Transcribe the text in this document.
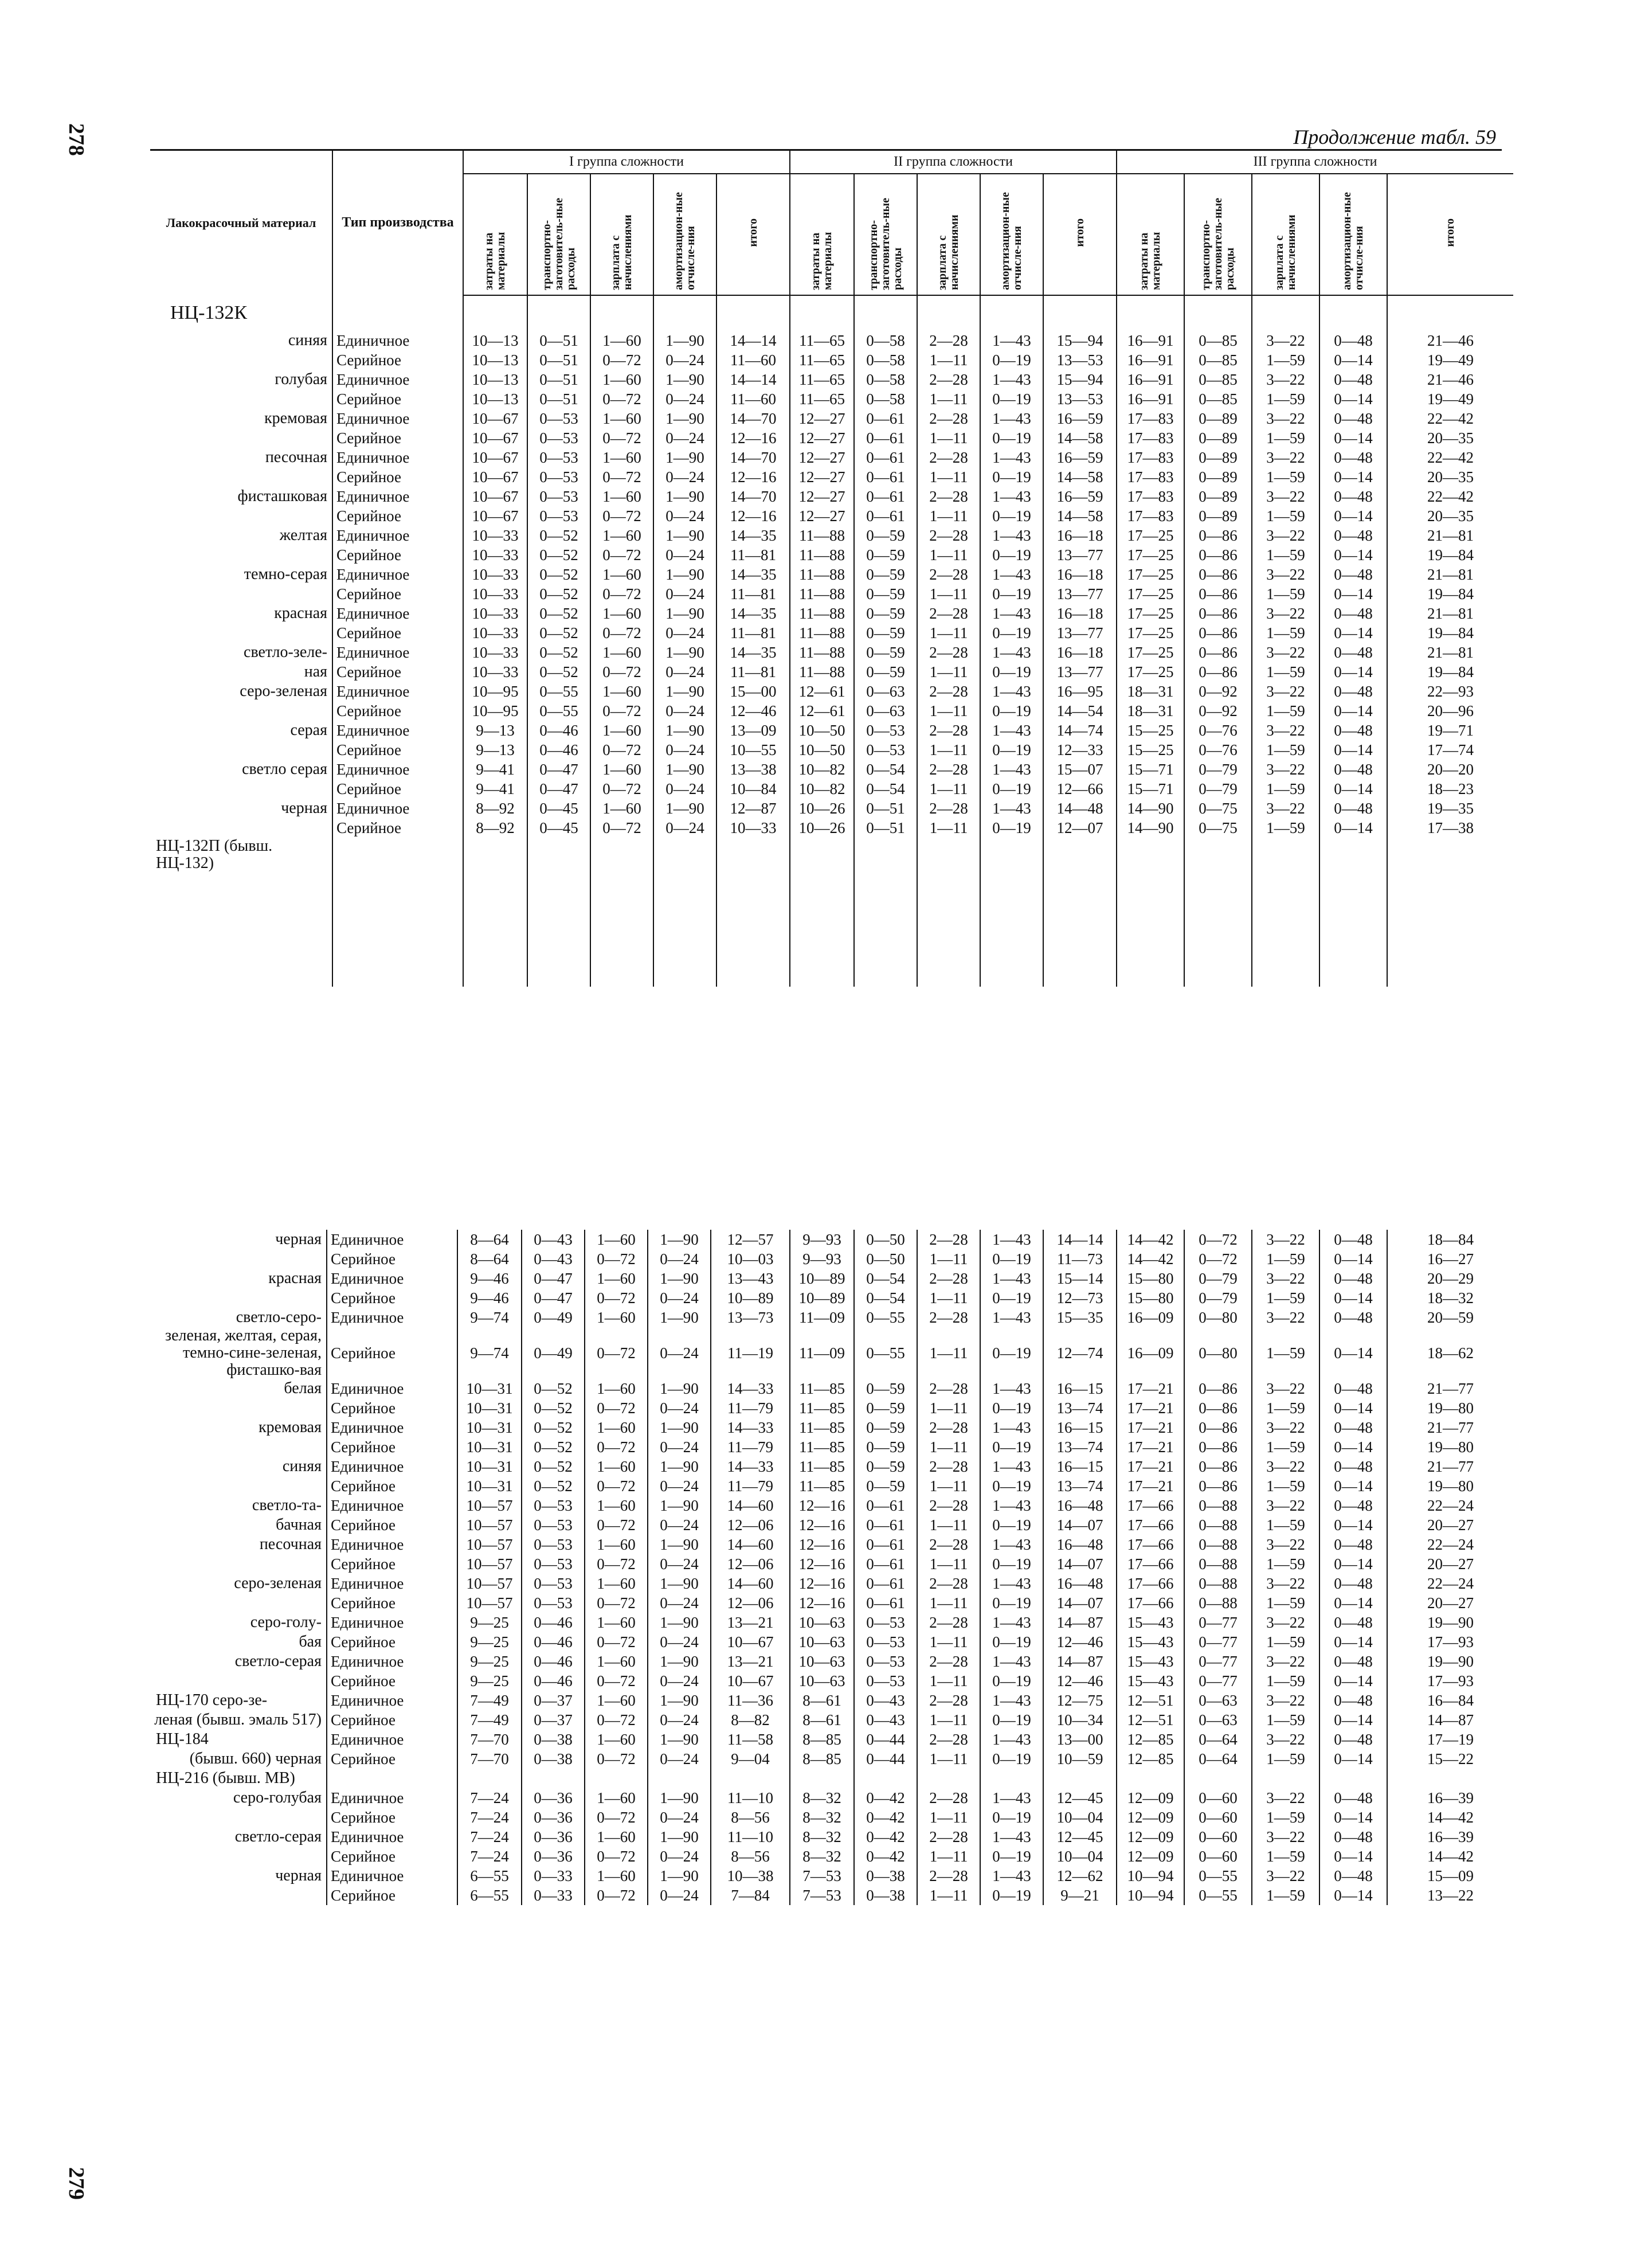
278	Продолжение табл. 59
Лакокрасочный материал	Тип производства	I группа сложности					II группа сложности					III группа сложности				
		затраты на материалы	транспортно-заготовитель-ные расходы	зарплата с начислениями	амортизацион-ные отчисле-ния	итого	затраты на материалы	транспортно-заготовитель-ные расходы	зарплата с начислениями	амортизацион-ные отчисле-ния	итого	затраты на материалы	транспортно-заготовитель-ные расходы	зарплата с начислениями	амортизацион-ные отчисле-ния	итого
НЦ-132К																
синяя	Единичное	10—13	0—51	1—60	1—90	14—14	11—65	0—58	2—28	1—43	15—94	16—91	0—85	3—22	0—48	21—46
	Серийное	10—13	0—51	0—72	0—24	11—60	11—65	0—58	1—11	0—19	13—53	16—91	0—85	1—59	0—14	19—49
голубая	Единичное	10—13	0—51	1—60	1—90	14—14	11—65	0—58	2—28	1—43	15—94	16—91	0—85	3—22	0—48	21—46
	Серийное	10—13	0—51	0—72	0—24	11—60	11—65	0—58	1—11	0—19	13—53	16—91	0—85	1—59	0—14	19—49
кремовая	Единичное	10—67	0—53	1—60	1—90	14—70	12—27	0—61	2—28	1—43	16—59	17—83	0—89	3—22	0—48	22—42
	Серийное	10—67	0—53	0—72	0—24	12—16	12—27	0—61	1—11	0—19	14—58	17—83	0—89	1—59	0—14	20—35
песочная	Единичное	10—67	0—53	1—60	1—90	14—70	12—27	0—61	2—28	1—43	16—59	17—83	0—89	3—22	0—48	22—42
	Серийное	10—67	0—53	0—72	0—24	12—16	12—27	0—61	1—11	0—19	14—58	17—83	0—89	1—59	0—14	20—35
фисташковая	Единичное	10—67	0—53	1—60	1—90	14—70	12—27	0—61	2—28	1—43	16—59	17—83	0—89	3—22	0—48	22—42
	Серийное	10—67	0—53	0—72	0—24	12—16	12—27	0—61	1—11	0—19	14—58	17—83	0—89	1—59	0—14	20—35
желтая	Единичное	10—33	0—52	1—60	1—90	14—35	11—88	0—59	2—28	1—43	16—18	17—25	0—86	3—22	0—48	21—81
	Серийное	10—33	0—52	0—72	0—24	11—81	11—88	0—59	1—11	0—19	13—77	17—25	0—86	1—59	0—14	19—84
темно-серая	Единичное	10—33	0—52	1—60	1—90	14—35	11—88	0—59	2—28	1—43	16—18	17—25	0—86	3—22	0—48	21—81
	Серийное	10—33	0—52	0—72	0—24	11—81	11—88	0—59	1—11	0—19	13—77	17—25	0—86	1—59	0—14	19—84
красная	Единичное	10—33	0—52	1—60	1—90	14—35	11—88	0—59	2—28	1—43	16—18	17—25	0—86	3—22	0—48	21—81
	Серийное	10—33	0—52	0—72	0—24	11—81	11—88	0—59	1—11	0—19	13—77	17—25	0—86	1—59	0—14	19—84
светло-зеле-	Единичное	10—33	0—52	1—60	1—90	14—35	11—88	0—59	2—28	1—43	16—18	17—25	0—86	3—22	0—48	21—81
ная	Серийное	10—33	0—52	0—72	0—24	11—81	11—88	0—59	1—11	0—19	13—77	17—25	0—86	1—59	0—14	19—84
серо-зеленая	Единичное	10—95	0—55	1—60	1—90	15—00	12—61	0—63	2—28	1—43	16—95	18—31	0—92	3—22	0—48	22—93
	Серийное	10—95	0—55	0—72	0—24	12—46	12—61	0—63	1—11	0—19	14—54	18—31	0—92	1—59	0—14	20—96
серая	Единичное	9—13	0—46	1—60	1—90	13—09	10—50	0—53	2—28	1—43	14—74	15—25	0—76	3—22	0—48	19—71
	Серийное	9—13	0—46	0—72	0—24	10—55	10—50	0—53	1—11	0—19	12—33	15—25	0—76	1—59	0—14	17—74
светло серая	Единичное	9—41	0—47	1—60	1—90	13—38	10—82	0—54	2—28	1—43	15—07	15—71	0—79	3—22	0—48	20—20
	Серийное	9—41	0—47	0—72	0—24	10—84	10—82	0—54	1—11	0—19	12—66	15—71	0—79	1—59	0—14	18—23
черная	Единичное	8—92	0—45	1—60	1—90	12—87	10—26	0—51	2—28	1—43	14—48	14—90	0—75	3—22	0—48	19—35
	Серийное	8—92	0—45	0—72	0—24	10—33	10—26	0—51	1—11	0—19	12—07	14—90	0—75	1—59	0—14	17—38
НЦ-132П (бывш. НЦ-132)																

черная	Единичное	8—64	0—43	1—60	1—90	12—57	9—93	0—50	2—28	1—43	14—14	14—42	0—72	3—22	0—48	18—84
	Серийное	8—64	0—43	0—72	0—24	10—03	9—93	0—50	1—11	0—19	11—73	14—42	0—72	1—59	0—14	16—27
красная	Единичное	9—46	0—47	1—60	1—90	13—43	10—89	0—54	2—28	1—43	15—14	15—80	0—79	3—22	0—48	20—29
	Серийное	9—46	0—47	0—72	0—24	10—89	10—89	0—54	1—11	0—19	12—73	15—80	0—79	1—59	0—14	18—32
светло-серо-	Единичное	9—74	0—49	1—60	1—90	13—73	11—09	0—55	2—28	1—43	15—35	16—09	0—80	3—22	0—48	20—59
зеленая, желтая, серая, темно-сине-зеленая, фисташко-вая	Серийное	9—74	0—49	0—72	0—24	11—19	11—09	0—55	1—11	0—19	12—74	16—09	0—80	1—59	0—14	18—62
белая	Единичное	10—31	0—52	1—60	1—90	14—33	11—85	0—59	2—28	1—43	16—15	17—21	0—86	3—22	0—48	21—77
	Серийное	10—31	0—52	0—72	0—24	11—79	11—85	0—59	1—11	0—19	13—74	17—21	0—86	1—59	0—14	19—80
кремовая	Единичное	10—31	0—52	1—60	1—90	14—33	11—85	0—59	2—28	1—43	16—15	17—21	0—86	3—22	0—48	21—77
	Серийное	10—31	0—52	0—72	0—24	11—79	11—85	0—59	1—11	0—19	13—74	17—21	0—86	1—59	0—14	19—80
синяя	Единичное	10—31	0—52	1—60	1—90	14—33	11—85	0—59	2—28	1—43	16—15	17—21	0—86	3—22	0—48	21—77
	Серийное	10—31	0—52	0—72	0—24	11—79	11—85	0—59	1—11	0—19	13—74	17—21	0—86	1—59	0—14	19—80
светло-та-	Единичное	10—57	0—53	1—60	1—90	14—60	12—16	0—61	2—28	1—43	16—48	17—66	0—88	3—22	0—48	22—24
бачная	Серийное	10—57	0—53	0—72	0—24	12—06	12—16	0—61	1—11	0—19	14—07	17—66	0—88	1—59	0—14	20—27
песочная	Единичное	10—57	0—53	1—60	1—90	14—60	12—16	0—61	2—28	1—43	16—48	17—66	0—88	3—22	0—48	22—24
	Серийное	10—57	0—53	0—72	0—24	12—06	12—16	0—61	1—11	0—19	14—07	17—66	0—88	1—59	0—14	20—27
серо-зеленая	Единичное	10—57	0—53	1—60	1—90	14—60	12—16	0—61	2—28	1—43	16—48	17—66	0—88	3—22	0—48	22—24
	Серийное	10—57	0—53	0—72	0—24	12—06	12—16	0—61	1—11	0—19	14—07	17—66	0—88	1—59	0—14	20—27
серо-голу-	Единичное	9—25	0—46	1—60	1—90	13—21	10—63	0—53	2—28	1—43	14—87	15—43	0—77	3—22	0—48	19—90
бая	Серийное	9—25	0—46	0—72	0—24	10—67	10—63	0—53	1—11	0—19	12—46	15—43	0—77	1—59	0—14	17—93
светло-серая	Единичное	9—25	0—46	1—60	1—90	13—21	10—63	0—53	2—28	1—43	14—87	15—43	0—77	3—22	0—48	19—90
	Серийное	9—25	0—46	0—72	0—24	10—67	10—63	0—53	1—11	0—19	12—46	15—43	0—77	1—59	0—14	17—93
НЦ-170 серо-зе-	Единичное	7—49	0—37	1—60	1—90	11—36	8—61	0—43	2—28	1—43	12—75	12—51	0—63	3—22	0—48	16—84
леная (бывш. эмаль 517)	Серийное	7—49	0—37	0—72	0—24	8—82	8—61	0—43	1—11	0—19	10—34	12—51	0—63	1—59	0—14	14—87
НЦ-184	Единичное	7—70	0—38	1—60	1—90	11—58	8—85	0—44	2—28	1—43	13—00	12—85	0—64	3—22	0—48	17—19
(бывш. 660) черная	Серийное	7—70	0—38	0—72	0—24	9—04	8—85	0—44	1—11	0—19	10—59	12—85	0—64	1—59	0—14	15—22
НЦ-216 (бывш. МВ)																
серо-голубая	Единичное	7—24	0—36	1—60	1—90	11—10	8—32	0—42	2—28	1—43	12—45	12—09	0—60	3—22	0—48	16—39
	Серийное	7—24	0—36	0—72	0—24	8—56	8—32	0—42	1—11	0—19	10—04	12—09	0—60	1—59	0—14	14—42
светло-серая	Единичное	7—24	0—36	1—60	1—90	11—10	8—32	0—42	2—28	1—43	12—45	12—09	0—60	3—22	0—48	16—39
	Серийное	7—24	0—36	0—72	0—24	8—56	8—32	0—42	1—11	0—19	10—04	12—09	0—60	1—59	0—14	14—42
черная	Единичное	6—55	0—33	1—60	1—90	10—38	7—53	0—38	2—28	1—43	12—62	10—94	0—55	3—22	0—48	15—09
	Серийное	6—55	0—33	0—72	0—24	7—84	7—53	0—38	1—11	0—19	9—21	10—94	0—55	1—59	0—14	13—22
279
